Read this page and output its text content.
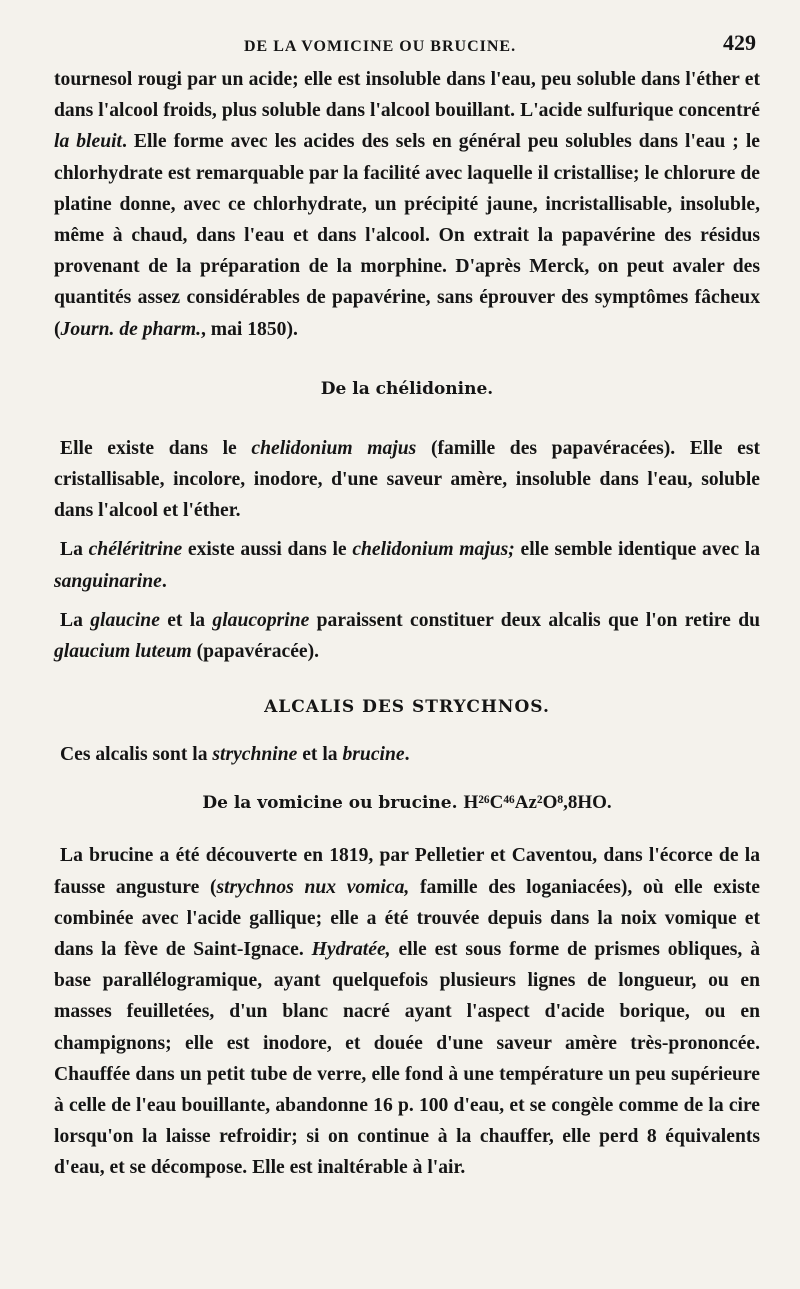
DE LA VOMICINE OU BRUCINE.	429

tournesol rougi par un acide; elle est insoluble dans l'eau, peu soluble dans l'éther et dans l'alcool froids, plus soluble dans l'alcool bouillant. L'acide sulfurique concentré la bleuit. Elle forme avec les acides des sels en général peu solubles dans l'eau ; le chlorhydrate est remarquable par la facilité avec laquelle il cristallise; le chlorure de platine donne, avec ce chlorhydrate, un précipité jaune, incristallisable, insoluble, même à chaud, dans l'eau et dans l'alcool. On extrait la papavérine des résidus provenant de la préparation de la morphine. D'après Merck, on peut avaler des quantités assez considérables de papavérine, sans éprouver des symptômes fâcheux (Journ. de pharm., mai 1850).

De la chélidonine.

Elle existe dans le chelidonium majus (famille des papavéracées). Elle est cristallisable, incolore, inodore, d'une saveur amère, insoluble dans l'eau, soluble dans l'alcool et l'éther.

La chéléritrine existe aussi dans le chelidonium majus; elle semble identique avec la sanguinarine.

La glaucine et la glaucoprine paraissent constituer deux alcalis que l'on retire du glaucium luteum (papavéracée).

ALCALIS DES STRYCHNOS.

Ces alcalis sont la strychnine et la brucine.

De la vomicine ou brucine. H²⁶C⁴⁶Az²O⁸,8HO.

La brucine a été découverte en 1819, par Pelletier et Caventou, dans l'écorce de la fausse angusture (strychnos nux vomica, famille des loganiacées), où elle existe combinée avec l'acide gallique; elle a été trouvée depuis dans la noix vomique et dans la fève de Saint-Ignace. Hydratée, elle est sous forme de prismes obliques, à base parallélogramique, ayant quelquefois plusieurs lignes de longueur, ou en masses feuilletées, d'un blanc nacré ayant l'aspect d'acide borique, ou en champignons; elle est inodore, et douée d'une saveur amère très-prononcée. Chauffée dans un petit tube de verre, elle fond à une température un peu supérieure à celle de l'eau bouillante, abandonne 16 p. 100 d'eau, et se congèle comme de la cire lorsqu'on la laisse refroidir; si on continue à la chauffer, elle perd 8 équivalents d'eau, et se décompose. Elle est inaltérable à l'air.
